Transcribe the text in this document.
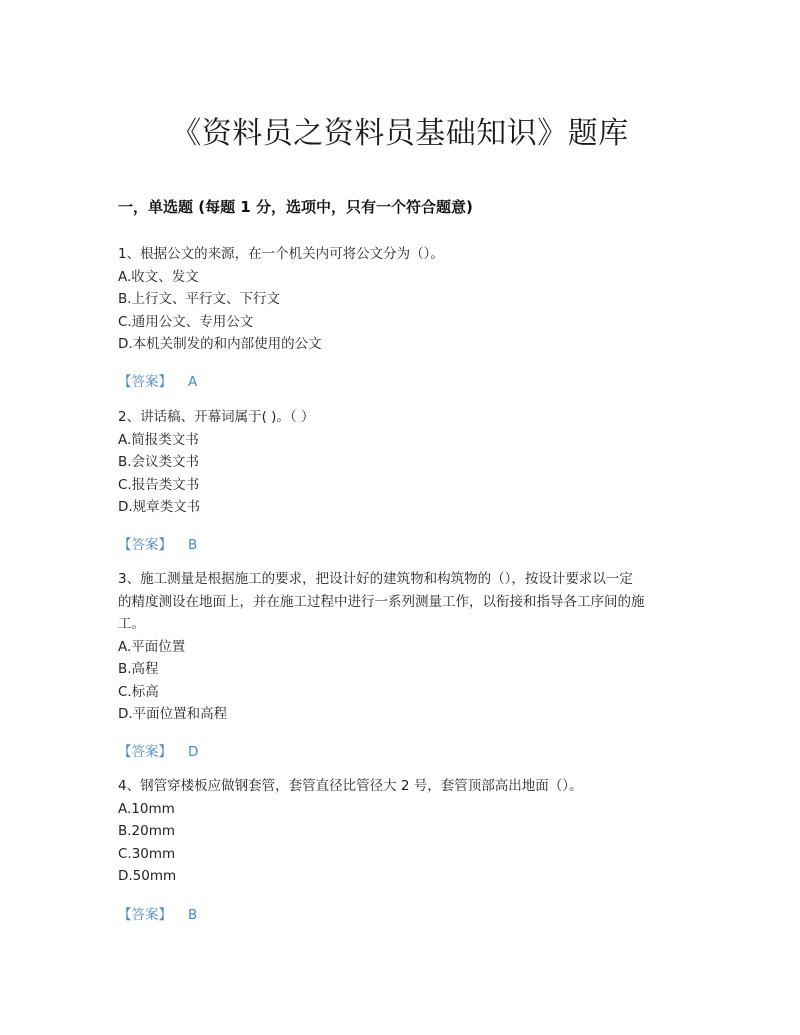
《资料员之资料员基础知识》题库
一，单选题 (每题 1 分，选项中，只有一个符合题意)
1、根据公文的来源，在一个机关内可将公文分为（）。
A.收文、发文
B.上行文、平行文、下行文
C.通用公文、专用公文
D.本机关制发的和内部使用的公文
【答案】 A
2、讲话稿、开幕词属于( )。（ ）
A.简报类文书
B.会议类文书
C.报告类文书
D.规章类文书
【答案】 B
3、施工测量是根据施工的要求，把设计好的建筑物和构筑物的（），按设计要求以一定
的精度测设在地面上，并在施工过程中进行一系列测量工作，以衔接和指导各工序间的施
工。
A.平面位置
B.高程
C.标高
D.平面位置和高程
【答案】 D
4、钢管穿楼板应做钢套管，套管直径比管径大 2 号，套管顶部高出地面（）。
A.10mm
B.20mm
C.30mm
D.50mm
【答案】 B
